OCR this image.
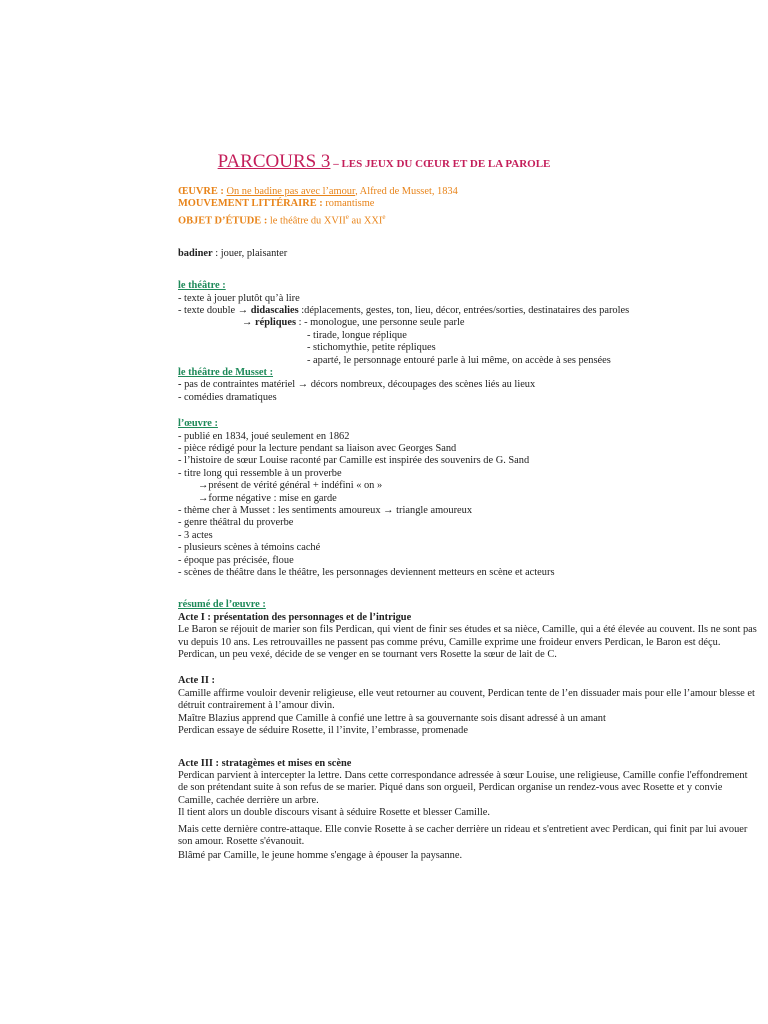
PARCOURS 3 – LES JEUX DU CŒUR ET DE LA PAROLE
ŒUVRE : On ne badine pas avec l’amour, Alfred de Musset, 1834
MOUVEMENT LITTÉRAIRE : romantisme
OBJET D’ÉTUDE : le théâtre du XVIIe au XXIe
badiner : jouer, plaisanter
le théâtre :
- texte à jouer plutôt qu’à lire
- texte double → didascalies :déplacements, gestes, ton, lieu, décor, entrées/sorties, destinataires des paroles
→ répliques : - monologue, une personne seule parle
- tirade, longue réplique
- stichomythie, petite répliques
- aparté, le personnage entouré parle à lui même, on accède à ses pensées
le théâtre de Musset :
- pas de contraintes matériel → décors nombreux, découpages des scènes liés au lieux
- comédies dramatiques
l’œuvre :
- publié en 1834, joué seulement en 1862
- pièce rédigé pour la lecture pendant sa liaison avec Georges Sand
- l’histoire de sœur Louise raconté par Camille est inspirée des souvenirs de G. Sand
- titre long qui ressemble à un proverbe
→présent de vérité général + indéfini « on »
→forme négative : mise en garde
- thème cher à Musset : les sentiments amoureux → triangle amoureux
- genre théâtral du proverbe
- 3 actes
- plusieurs scènes à témoins caché
- époque pas précisée, floue
- scènes de théâtre dans le théâtre, les personnages deviennent metteurs en scène et acteurs
résumé de l’œuvre :
Acte I : présentation des personnages et de l’intrigue
Le Baron se réjouit de marier son fils Perdican, qui vient de finir ses études et sa nièce, Camille, qui a été élevée au couvent. Ils ne sont pas vu depuis 10 ans. Les retrouvailles ne passent pas comme prévu, Camille exprime une froideur envers Perdican, le Baron est déçu.
Perdican, un peu vexé, décide de se venger en se tournant vers Rosette la sœur de lait de C.
Acte II :
Camille affirme vouloir devenir religieuse, elle veut retourner au couvent, Perdican tente de l’en dissuader mais pour elle l’amour blesse et détruit contrairement à l’amour divin.
Maître Blazius apprend que Camille à confié une lettre à sa gouvernante sois disant adressé à un amant
Perdican essaye de séduire Rosette, il l’invite, l’embrasse, promenade
Acte III : stratagèmes et mises en scène
Perdican parvient à intercepter la lettre. Dans cette correspondance adressée à sœur Louise, une religieuse, Camille confie l'effondrement de son prétendant suite à son refus de se marier. Piqué dans son orgueil, Perdican organise un rendez-vous avec Rosette et y convie Camille, cachée derrière un arbre.
Il tient alors un double discours visant à séduire Rosette et blesser Camille.
Mais cette dernière contre-attaque. Elle convie Rosette à se cacher derrière un rideau et s'entretient avec Perdican, qui finit par lui avouer son amour. Rosette s'évanouit.
Blâmé par Camille, le jeune homme s'engage à épouser la paysanne.
